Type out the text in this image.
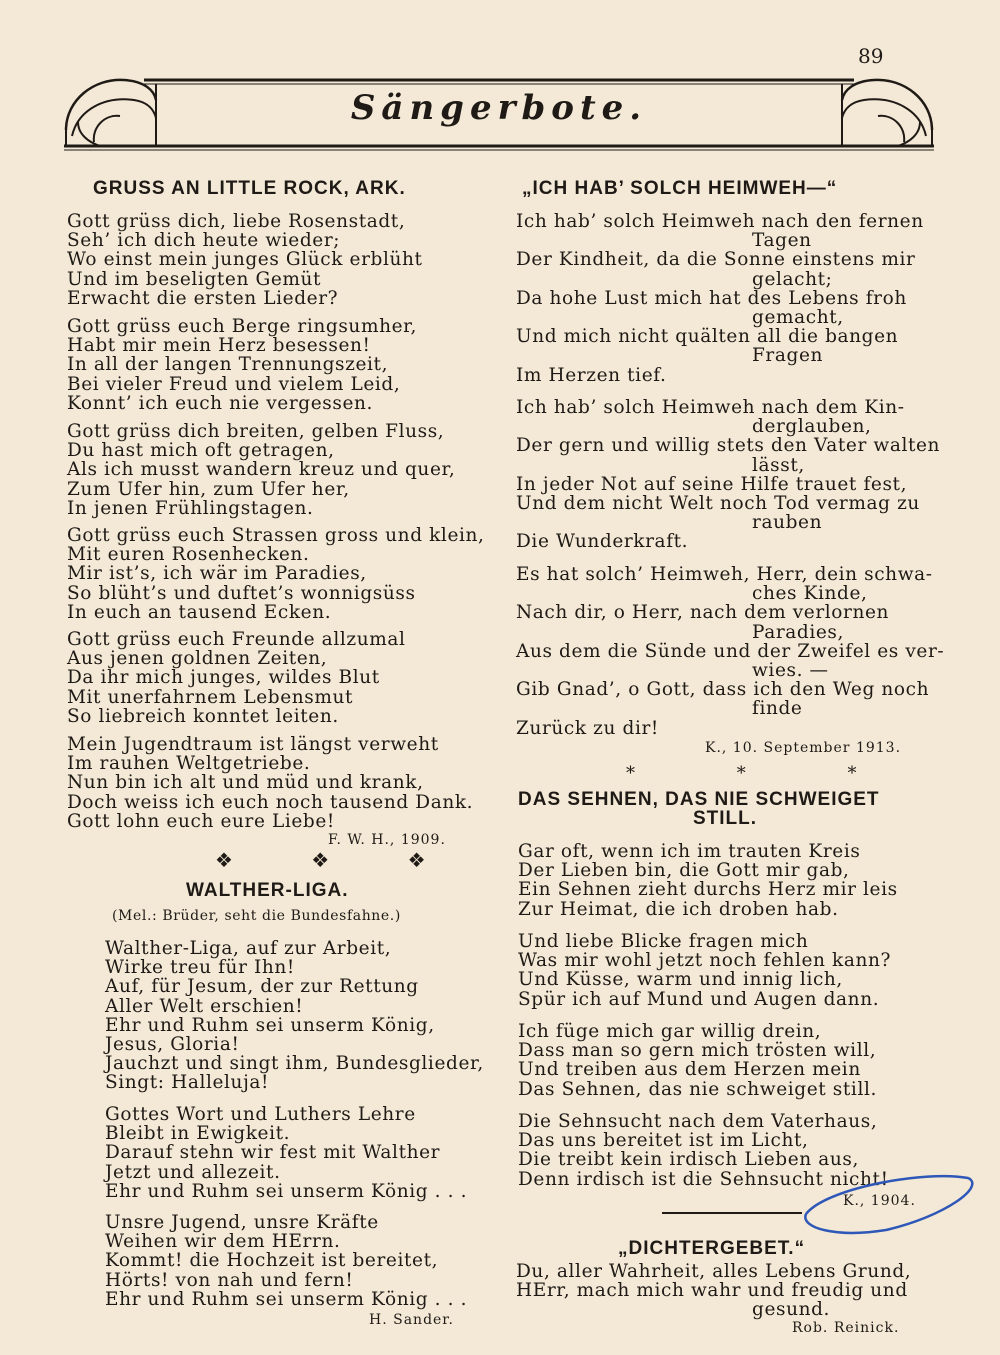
89
Sängerbote.
GRUSS AN LITTLE ROCK, ARK.
Gott grüss dich, liebe Rosenstadt,
Seh’ ich dich heute wieder;
Wo einst mein junges Glück erblüht
Und im beseligten Gemüt
Erwacht die ersten Lieder?
Gott grüss euch Berge ringsumher,
Habt mir mein Herz besessen!
In all der langen Trennungszeit,
Bei vieler Freud und vielem Leid,
Konnt’ ich euch nie vergessen.
Gott grüss dich breiten, gelben Fluss,
Du hast mich oft getragen,
Als ich musst wandern kreuz und quer,
Zum Ufer hin, zum Ufer her,
In jenen Frühlingstagen.
Gott grüss euch Strassen gross und klein,
Mit euren Rosenhecken.
Mir ist’s, ich wär im Paradies,
So blüht’s und duftet’s wonnigsüss
In euch an tausend Ecken.
Gott grüss euch Freunde allzumal
Aus jenen goldnen Zeiten,
Da ihr mich junges, wildes Blut
Mit unerfahrnem Lebensmut
So liebreich konntet leiten.
Mein Jugendtraum ist längst verweht
Im rauhen Weltgetriebe.
Nun bin ich alt und müd und krank,
Doch weiss ich euch noch tausend Dank.
Gott lohn euch eure Liebe!
F. W. H., 1909.
❖ ❖ ❖
WALTHER-LIGA.
(Mel.: Brüder, seht die Bundesfahne.)
Walther-Liga, auf zur Arbeit,
Wirke treu für Ihn!
Auf, für Jesum, der zur Rettung
Aller Welt erschien!
Ehr und Ruhm sei unserm König,
Jesus, Gloria!
Jauchzt und singt ihm, Bundesglieder,
Singt: Halleluja!
Gottes Wort und Luthers Lehre
Bleibt in Ewigkeit.
Darauf stehn wir fest mit Walther
Jetzt und allezeit.
Ehr und Ruhm sei unserm König . . .
Unsre Jugend, unsre Kräfte
Weihen wir dem HErrn.
Kommt! die Hochzeit ist bereitet,
Hörts! von nah und fern!
Ehr und Ruhm sei unserm König . . .
H. Sander.
„ICH HAB’ SOLCH HEIMWEH—“
Ich hab’ solch Heimweh nach den fernen
Tagen
Der Kindheit, da die Sonne einstens mir
gelacht;
Da hohe Lust mich hat des Lebens froh
gemacht,
Und mich nicht quälten all die bangen
Fragen
Im Herzen tief.
Ich hab’ solch Heimweh nach dem Kin-
derglauben,
Der gern und willig stets den Vater walten
lässt,
In jeder Not auf seine Hilfe trauet fest,
Und dem nicht Welt noch Tod vermag zu
rauben
Die Wunderkraft.
Es hat solch’ Heimweh, Herr, dein schwa-
ches Kinde,
Nach dir, o Herr, nach dem verlornen
Paradies,
Aus dem die Sünde und der Zweifel es ver-
wies. —
Gib Gnad’, o Gott, dass ich den Weg noch
finde
Zurück zu dir!
K., 10. September 1913.
* * *
DAS SEHNEN, DAS NIE SCHWEIGET
STILL.
Gar oft, wenn ich im trauten Kreis
Der Lieben bin, die Gott mir gab,
Ein Sehnen zieht durchs Herz mir leis
Zur Heimat, die ich droben hab.
Und liebe Blicke fragen mich
Was mir wohl jetzt noch fehlen kann?
Und Küsse, warm und innig lich,
Spür ich auf Mund und Augen dann.
Ich füge mich gar willig drein,
Dass man so gern mich trösten will,
Und treiben aus dem Herzen mein
Das Sehnen, das nie schweiget still.
Die Sehnsucht nach dem Vaterhaus,
Das uns bereitet ist im Licht,
Die treibt kein irdisch Lieben aus,
Denn irdisch ist die Sehnsucht nicht!
K., 1904.
„DICHTERGEBET.“
Du, aller Wahrheit, alles Lebens Grund,
HErr, mach mich wahr und freudig und
gesund.
Rob. Reinick.
